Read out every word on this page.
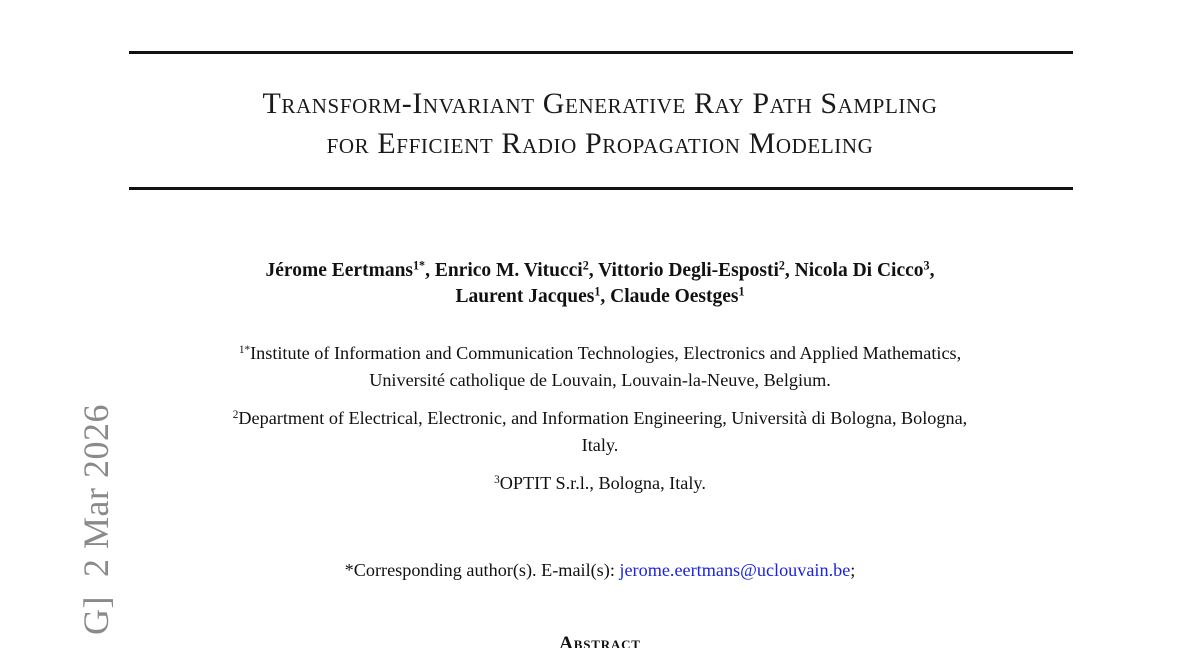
Transform-Invariant Generative Ray Path Sampling
for Efficient Radio Propagation Modeling
Jérome Eertmans$^{1*}$, Enrico M. Vitucci$^2$, Vittorio Degli-Esposti$^2$, Nicola Di Cicco$^3$,
Laurent Jacques$^1$, Claude Oestges$^1$
$^{1*}$Institute of Information and Communication Technologies, Electronics and Applied Mathematics,
Université catholique de Louvain, Louvain-la-Neuve, Belgium.
$^2$Department of Electrical, Electronic, and Information Engineering, Università di Bologna, Bologna,
Italy.
$^3$OPTIT S.r.l., Bologna, Italy.
*Corresponding author(s). E-mail(s): jerome.eertmans@uclouvain.be;
Abstract
G]  2 Mar 2026
